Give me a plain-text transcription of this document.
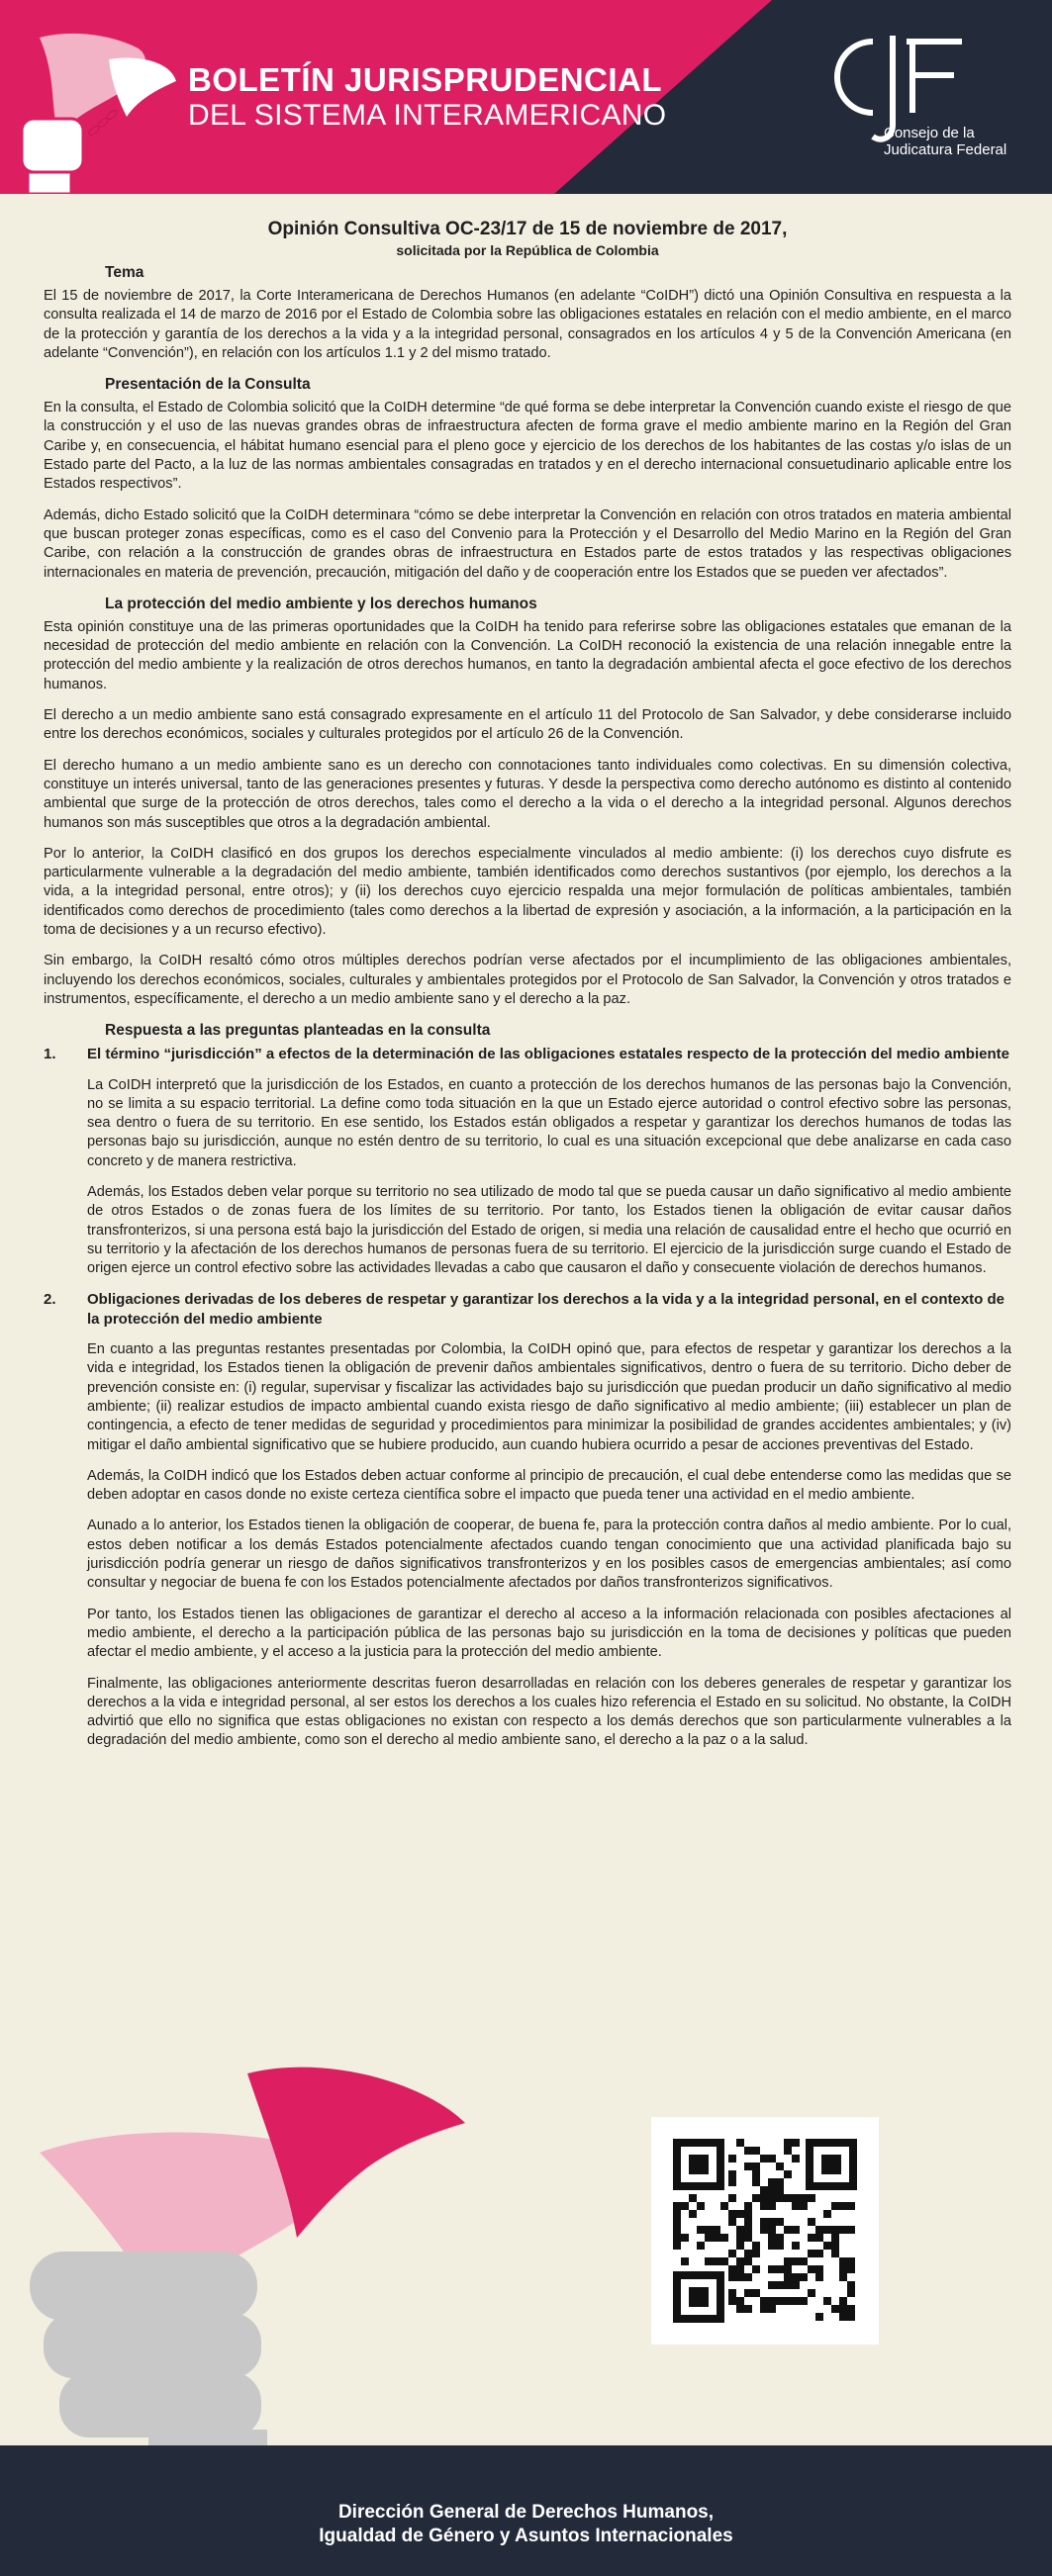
BOLETÍN JURISPRUDENCIAL
DEL SISTEMA INTERAMERICANO
Consejo de la
Judicatura Federal
Opinión Consultiva OC-23/17 de 15 de noviembre de 2017,
solicitada por la República de Colombia
Tema

El 15 de noviembre de 2017, la Corte Interamericana de Derechos Humanos (en adelante “CoIDH”) dictó una Opinión Consultiva en respuesta a la consulta realizada el 14 de marzo de 2016 por el Estado de Colombia sobre las obligaciones estatales en relación con el medio ambiente, en el marco de la protección y garantía de los derechos a la vida y a la integridad personal, consagrados en los artículos 4 y 5 de la Convención Americana (en adelante “Convención”), en relación con los artículos 1.1 y 2 del mismo tratado.

Presentación de la Consulta

En la consulta, el Estado de Colombia solicitó que la CoIDH determine “de qué forma se debe interpretar la Convención cuando existe el riesgo de que la construcción y el uso de las nuevas grandes obras de infraestructura afecten de forma grave el medio ambiente marino en la Región del Gran Caribe y, en consecuencia, el hábitat humano esencial para el pleno goce y ejercicio de los derechos de los habitantes de las costas y/o islas de un Estado parte del Pacto, a la luz de las normas ambientales consagradas en tratados y en el derecho internacional consuetudinario aplicable entre los Estados respectivos”.

Además, dicho Estado solicitó que la CoIDH determinara “cómo se debe interpretar la Convención en relación con otros tratados en materia ambiental que buscan proteger zonas específicas, como es el caso del Convenio para la Protección y el Desarrollo del Medio Marino en la Región del Gran Caribe, con relación a la construcción de grandes obras de infraestructura en Estados parte de estos tratados y las respectivas obligaciones internacionales en materia de prevención, precaución, mitigación del daño y de cooperación entre los Estados que se pueden ver afectados”.

La protección del medio ambiente y los derechos humanos

Esta opinión constituye una de las primeras oportunidades que la CoIDH ha tenido para referirse sobre las obligaciones estatales que emanan de la necesidad de protección del medio ambiente en relación con la Convención. La CoIDH reconoció la existencia de una relación innegable entre la protección del medio ambiente y la realización de otros derechos humanos, en tanto la degradación ambiental afecta el goce efectivo de los derechos humanos.

El derecho a un medio ambiente sano está consagrado expresamente en el artículo 11 del Protocolo de San Salvador, y debe considerarse incluido entre los derechos económicos, sociales y culturales protegidos por el artículo 26 de la Convención.

El derecho humano a un medio ambiente sano es un derecho con connotaciones tanto individuales como colectivas. En su dimensión colectiva, constituye un interés universal, tanto de las generaciones presentes y futuras. Y desde la perspectiva como derecho autónomo es distinto al contenido ambiental que surge de la protección de otros derechos, tales como el derecho a la vida o el derecho a la integridad personal. Algunos derechos humanos son más susceptibles que otros a la degradación ambiental.

Por lo anterior, la CoIDH clasificó en dos grupos los derechos especialmente vinculados al medio ambiente: (i) los derechos cuyo disfrute es particularmente vulnerable a la degradación del medio ambiente, también identificados como derechos sustantivos (por ejemplo, los derechos a la vida, a la integridad personal, entre otros); y (ii) los derechos cuyo ejercicio respalda una mejor formulación de políticas ambientales, también identificados como derechos de procedimiento (tales como derechos a la libertad de expresión y asociación, a la información, a la participación en la toma de decisiones y a un recurso efectivo).

Sin embargo, la CoIDH resaltó cómo otros múltiples derechos podrían verse afectados por el incumplimiento de las obligaciones ambientales, incluyendo los derechos económicos, sociales, culturales y ambientales protegidos por el Protocolo de San Salvador, la Convención y otros tratados e instrumentos, específicamente, el derecho a un medio ambiente sano y el derecho a la paz.

Respuesta a las preguntas planteadas en la consulta
1.	El término “jurisdicción” a efectos de la determinación de las obligaciones estatales respecto de la protección del medio ambiente

La CoIDH interpretó que la jurisdicción de los Estados, en cuanto a protección de los derechos humanos de las personas bajo la Convención, no se limita a su espacio territorial. La define como toda situación en la que un Estado ejerce autoridad o control efectivo sobre las personas, sea dentro o fuera de su territorio. En ese sentido, los Estados están obligados a respetar y garantizar los derechos humanos de todas las personas bajo su jurisdicción, aunque no estén dentro de su territorio, lo cual es una situación excepcional que debe analizarse en cada caso concreto y de manera restrictiva.

Además, los Estados deben velar porque su territorio no sea utilizado de modo tal que se pueda causar un daño significativo al medio ambiente de otros Estados o de zonas fuera de los límites de su territorio. Por tanto, los Estados tienen la obligación de evitar causar daños transfronterizos, si una persona está bajo la jurisdicción del Estado de origen, si media una relación de causalidad entre el hecho que ocurrió en su territorio y la afectación de los derechos humanos de personas fuera de su territorio. El ejercicio de la jurisdicción surge cuando el Estado de origen ejerce un control efectivo sobre las actividades llevadas a cabo que causaron el daño y consecuente violación de derechos humanos.

2.	Obligaciones derivadas de los deberes de respetar y garantizar los derechos a la vida y a la integridad personal, en el contexto de la protección del medio ambiente

En cuanto a las preguntas restantes presentadas por Colombia, la CoIDH opinó que, para efectos de respetar y garantizar los derechos a la vida e integridad, los Estados tienen la obligación de prevenir daños ambientales significativos, dentro o fuera de su territorio. Dicho deber de prevención consiste en: (i) regular, supervisar y fiscalizar las actividades bajo su jurisdicción que puedan producir un daño significativo al medio ambiente; (ii) realizar estudios de impacto ambiental cuando exista riesgo de daño significativo al medio ambiente; (iii) establecer un plan de contingencia, a efecto de tener medidas de seguridad y procedimientos para minimizar la posibilidad de grandes accidentes ambientales; y (iv) mitigar el daño ambiental significativo que se hubiere producido, aun cuando hubiera ocurrido a pesar de acciones preventivas del Estado.

Además, la CoIDH indicó que los Estados deben actuar conforme al principio de precaución, el cual debe entenderse como las medidas que se deben adoptar en casos donde no existe certeza científica sobre el impacto que pueda tener una actividad en el medio ambiente.

Aunado a lo anterior, los Estados tienen la obligación de cooperar, de buena fe, para la protección contra daños al medio ambiente. Por lo cual, estos deben notificar a los demás Estados potencialmente afectados cuando tengan conocimiento que una actividad planificada bajo su jurisdicción podría generar un riesgo de daños significativos transfronterizos y en los posibles casos de emergencias ambientales; así como consultar y negociar de buena fe con los Estados potencialmente afectados por daños transfronterizos significativos.

Por tanto, los Estados tienen las obligaciones de garantizar el derecho al acceso a la información relacionada con posibles afectaciones al medio ambiente, el derecho a la participación pública de las personas bajo su jurisdicción en la toma de decisiones y políticas que pueden afectar el medio ambiente, y el acceso a la justicia para la protección del medio ambiente.

Finalmente, las obligaciones anteriormente descritas fueron desarrolladas en relación con los deberes generales de respetar y garantizar los derechos a la vida e integridad personal, al ser estos los derechos a los cuales hizo referencia el Estado en su solicitud. No obstante, la CoIDH advirtió que ello no significa que estas obligaciones no existan con respecto a los demás derechos que son particularmente vulnerables a la degradación del medio ambiente, como son el derecho al medio ambiente sano, el derecho a la paz o a la salud.

Dirección General de Derechos Humanos,
Igualdad de Género y Asuntos Internacionales
